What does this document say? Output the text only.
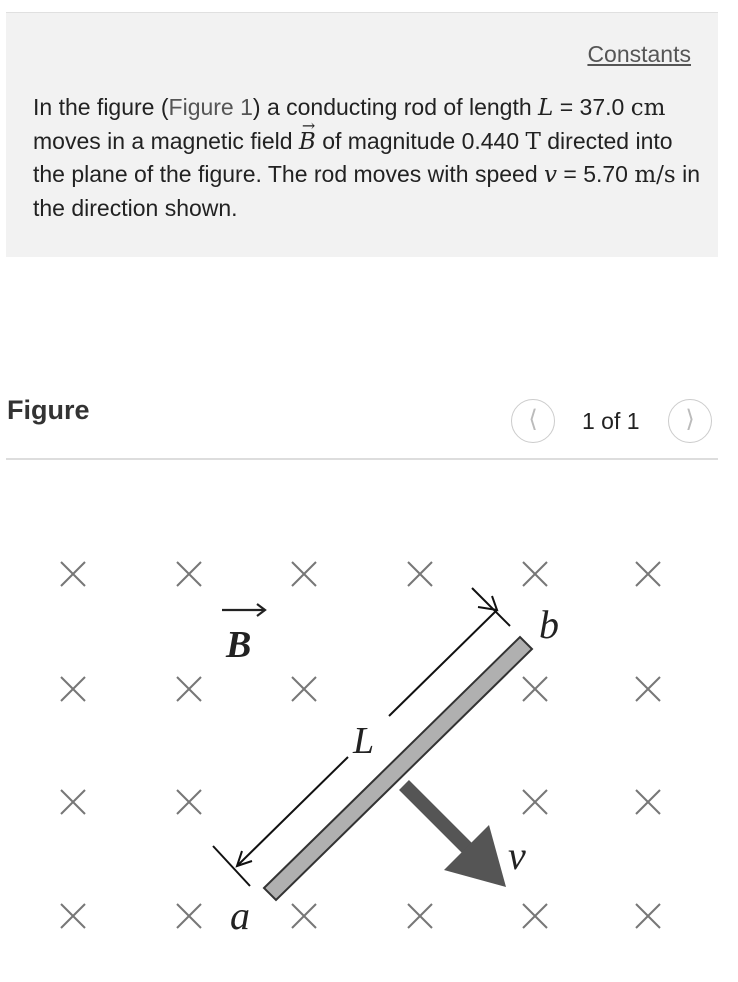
Constants
In the figure (Figure 1) a conducting rod of length L = 37.0 cm moves in a magnetic field → B of magnitude 0.440 T directed into the plane of the figure. The rod moves with speed v = 5.70 m/s in the direction shown.
Figure	⟨	1 of 1	⟩
B
L
b
a
v
